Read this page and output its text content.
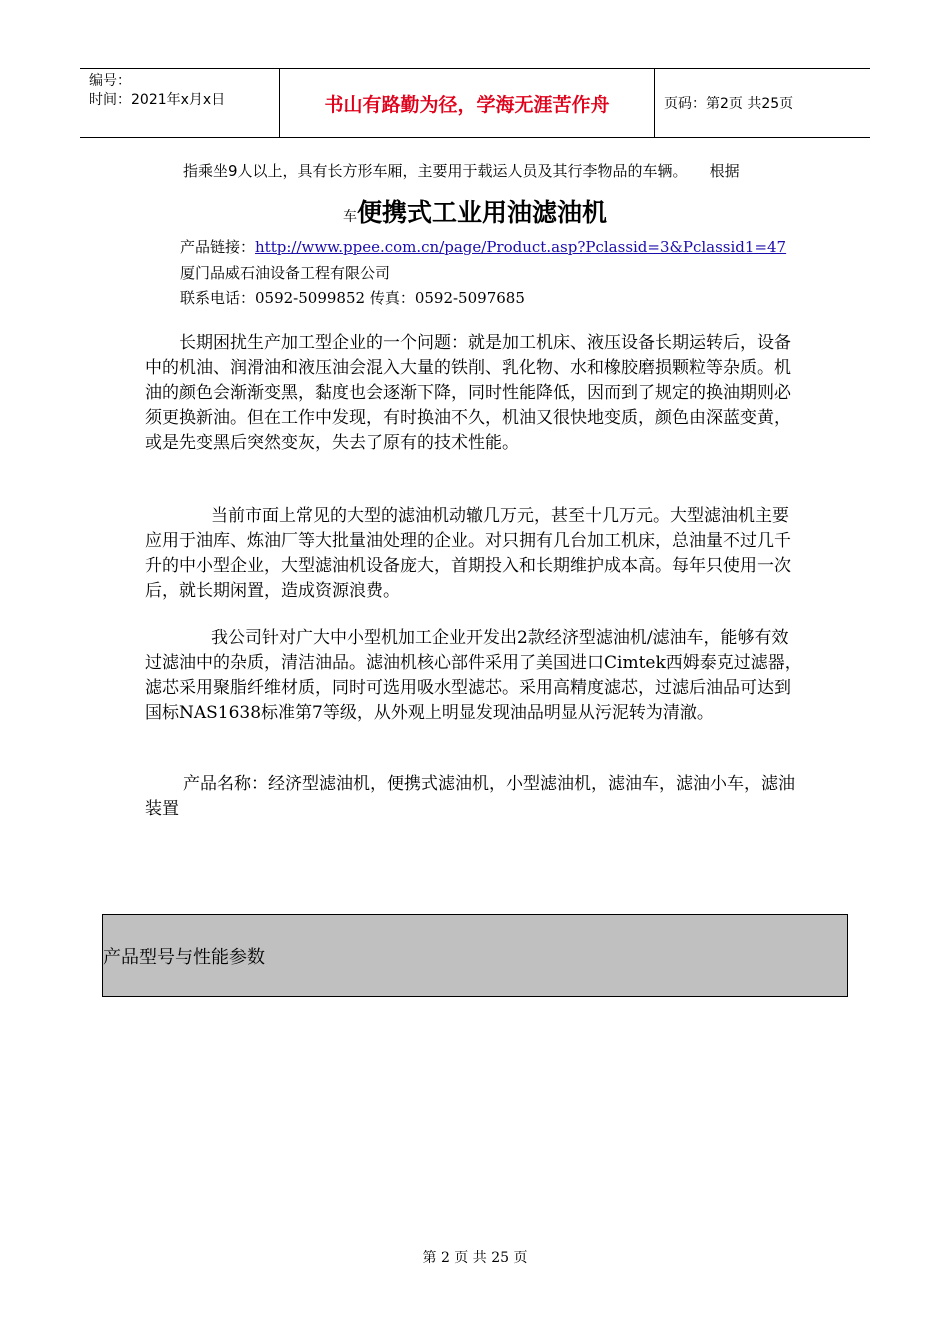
编号：
时间：2021年x月x日	书山有路勤为径，学海无涯苦作舟	页码：第2页 共25页
指乘坐9人以上，具有长方形车厢，主要用于载运人员及其行李物品的车辆。 根据
车便携式工业用油滤油机
产品链接：http://www.ppee.com.cn/page/Product.asp?Pclassid=3&Pclassid1=47
厦门品威石油设备工程有限公司
联系电话：0592-5099852 传真：0592-5097685

长期困扰生产加工型企业的一个问题：就是加工机床、液压设备长期运转后，设备中的机油、润滑油和液压油会混入大量的铁削、乳化物、水和橡胶磨损颗粒等杂质。机油的颜色会渐渐变黑，黏度也会逐渐下降，同时性能降低，因而到了规定的换油期则必须更换新油。但在工作中发现，有时换油不久，机油又很快地变质，颜色由深蓝变黄，或是先变黑后突然变灰，失去了原有的技术性能。

当前市面上常见的大型的滤油机动辙几万元，甚至十几万元。大型滤油机主要应用于油库、炼油厂等大批量油处理的企业。对只拥有几台加工机床，总油量不过几千升的中小型企业，大型滤油机设备庞大，首期投入和长期维护成本高。每年只使用一次后，就长期闲置，造成资源浪费。

我公司针对广大中小型机加工企业开发出2款经济型滤油机/滤油车，能够有效过滤油中的杂质，清洁油品。滤油机核心部件采用了美国进口Cimtek西姆泰克过滤器，滤芯采用聚脂纤维材质，同时可选用吸水型滤芯。采用高精度滤芯，过滤后油品可达到国标NAS1638标准第7等级，从外观上明显发现油品明显从污泥转为清澈。

产品名称：经济型滤油机，便携式滤油机，小型滤油机，滤油车，滤油小车，滤油装置

产品型号与性能参数
第 2 页 共 25 页
